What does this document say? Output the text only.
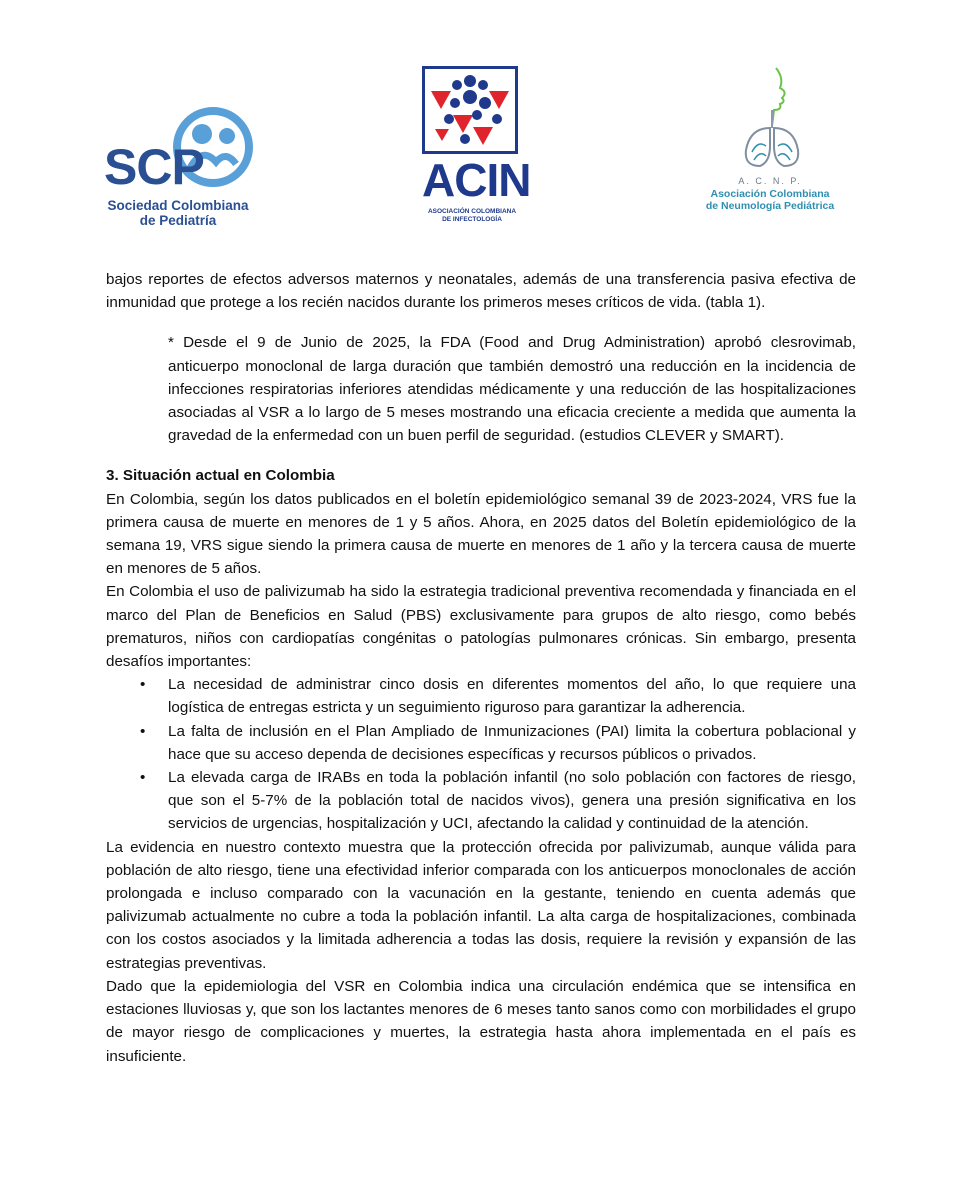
SCP
Sociedad Colombiana
de Pediatría
ACIN
ASOCIACIÓN COLOMBIANA
DE INFECTOLOGÍA
A. C. N. P.
Asociación Colombiana
de Neumología Pediátrica

bajos reportes de efectos adversos maternos y neonatales, además de una transferencia pasiva efectiva de inmunidad que protege a los recién nacidos durante los primeros meses críticos de vida. (tabla 1).

* Desde el 9 de Junio de 2025, la FDA (Food and Drug Administration) aprobó clesrovimab, anticuerpo monoclonal de larga duración que también demostró una reducción en la incidencia de infecciones respiratorias inferiores atendidas médicamente y una reducción de las hospitalizaciones asociadas al VSR a lo largo de 5 meses mostrando una eficacia creciente a medida que aumenta la gravedad de la enfermedad con un buen perfil de seguridad. (estudios CLEVER y SMART).

3. Situación actual en Colombia

En Colombia, según los datos publicados en el boletín epidemiológico semanal 39 de 2023-2024, VRS fue la primera causa de muerte en menores de 1 y 5 años. Ahora, en 2025 datos del Boletín epidemiológico de la semana 19, VRS sigue siendo la primera causa de muerte en menores de 1 año y la tercera causa de muerte en menores de 5 años.

En Colombia el uso de palivizumab ha sido la estrategia tradicional preventiva recomendada y financiada en el marco del Plan de Beneficios en Salud (PBS) exclusivamente para grupos de alto riesgo, como bebés prematuros, niños con cardiopatías congénitas o patologías pulmonares crónicas. Sin embargo, presenta desafíos importantes:

• La necesidad de administrar cinco dosis en diferentes momentos del año, lo que requiere una logística de entregas estricta y un seguimiento riguroso para garantizar la adherencia.
• La falta de inclusión en el Plan Ampliado de Inmunizaciones (PAI) limita la cobertura poblacional y hace que su acceso dependa de decisiones específicas y recursos públicos o privados.
• La elevada carga de IRABs en toda la población infantil (no solo población con factores de riesgo, que son el 5-7% de la población total de nacidos vivos), genera una presión significativa en los servicios de urgencias, hospitalización y UCI, afectando la calidad y continuidad de la atención.

La evidencia en nuestro contexto muestra que la protección ofrecida por palivizumab, aunque válida para población de alto riesgo, tiene una efectividad inferior comparada con los anticuerpos monoclonales de acción prolongada e incluso comparado con la vacunación en la gestante, teniendo en cuenta además que palivizumab actualmente no cubre a toda la población infantil. La alta carga de hospitalizaciones, combinada con los costos asociados y la limitada adherencia a todas las dosis, requiere la revisión y expansión de las estrategias preventivas.

Dado que la epidemiologia del VSR en Colombia indica una circulación endémica que se intensifica en estaciones lluviosas y, que son los lactantes menores de 6 meses tanto sanos como con morbilidades el grupo de mayor riesgo de complicaciones y muertes, la estrategia hasta ahora implementada en el país es insuficiente.
